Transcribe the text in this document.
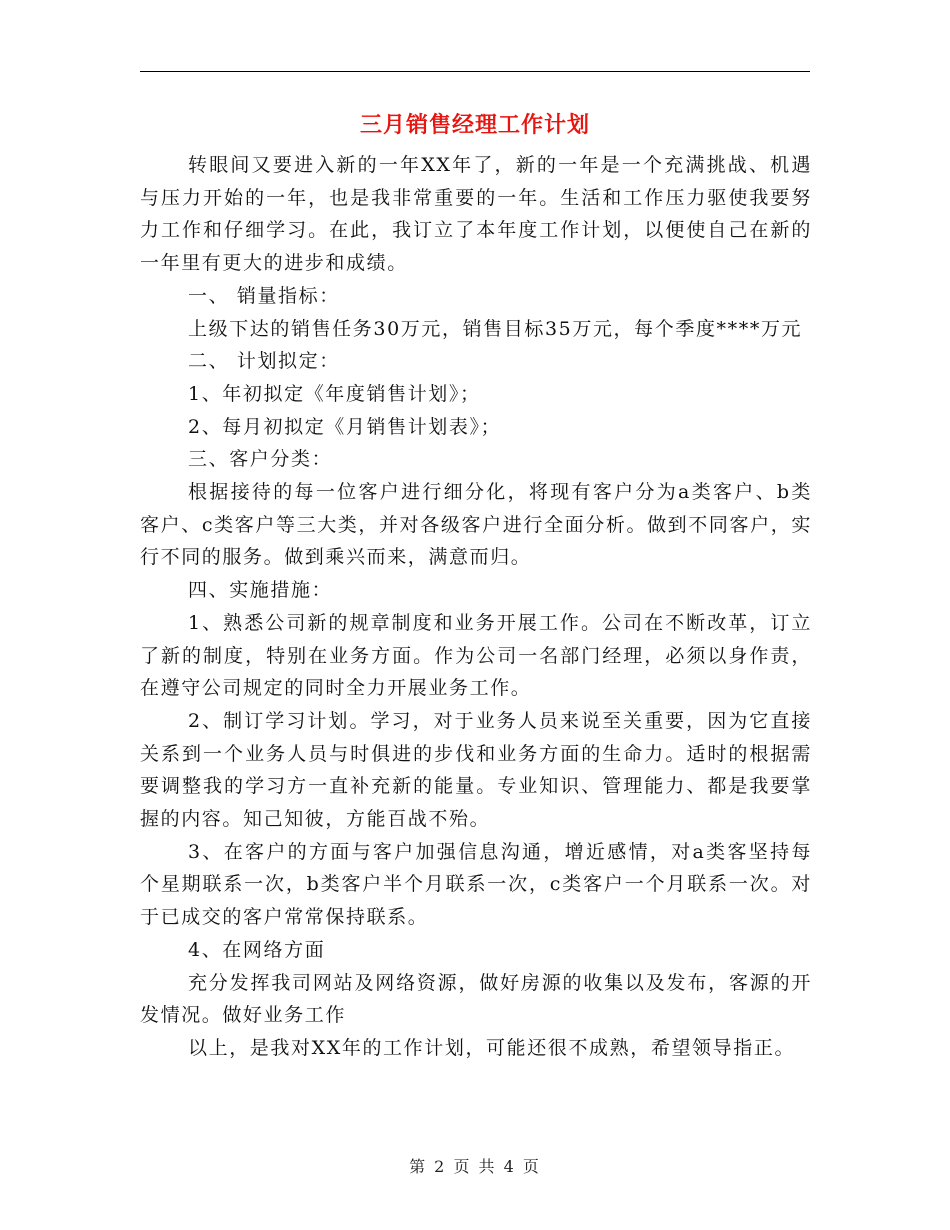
三月销售经理工作计划

转眼间又要进入新的一年XX年了，新的一年是一个充满挑战、机遇与压力开始的一年，也是我非常重要的一年。生活和工作压力驱使我要努力工作和仔细学习。在此，我订立了本年度工作计划，以便使自己在新的一年里有更大的进步和成绩。

一、 销量指标：

上级下达的销售任务30万元，销售目标35万元，每个季度****万元

二、 计划拟定：

1、年初拟定《年度销售计划》；

2、每月初拟定《月销售计划表》；

三、客户分类：

根据接待的每一位客户进行细分化，将现有客户分为a类客户、b类客户、c类客户等三大类，并对各级客户进行全面分析。做到不同客户，实行不同的服务。做到乘兴而来，满意而归。

四、实施措施：

1、熟悉公司新的规章制度和业务开展工作。公司在不断改革，订立了新的制度，特别在业务方面。作为公司一名部门经理，必须以身作责，在遵守公司规定的同时全力开展业务工作。

2、制订学习计划。学习，对于业务人员来说至关重要，因为它直接关系到一个业务人员与时俱进的步伐和业务方面的生命力。适时的根据需要调整我的学习方一直补充新的能量。专业知识、管理能力、都是我要掌握的内容。知己知彼，方能百战不殆。

3、在客户的方面与客户加强信息沟通，增近感情，对a类客坚持每个星期联系一次，b类客户半个月联系一次，c类客户一个月联系一次。对于已成交的客户常常保持联系。

4、在网络方面

充分发挥我司网站及网络资源，做好房源的收集以及发布，客源的开发情况。做好业务工作

以上，是我对XX年的工作计划，可能还很不成熟，希望领导指正。

第 2 页 共 4 页
